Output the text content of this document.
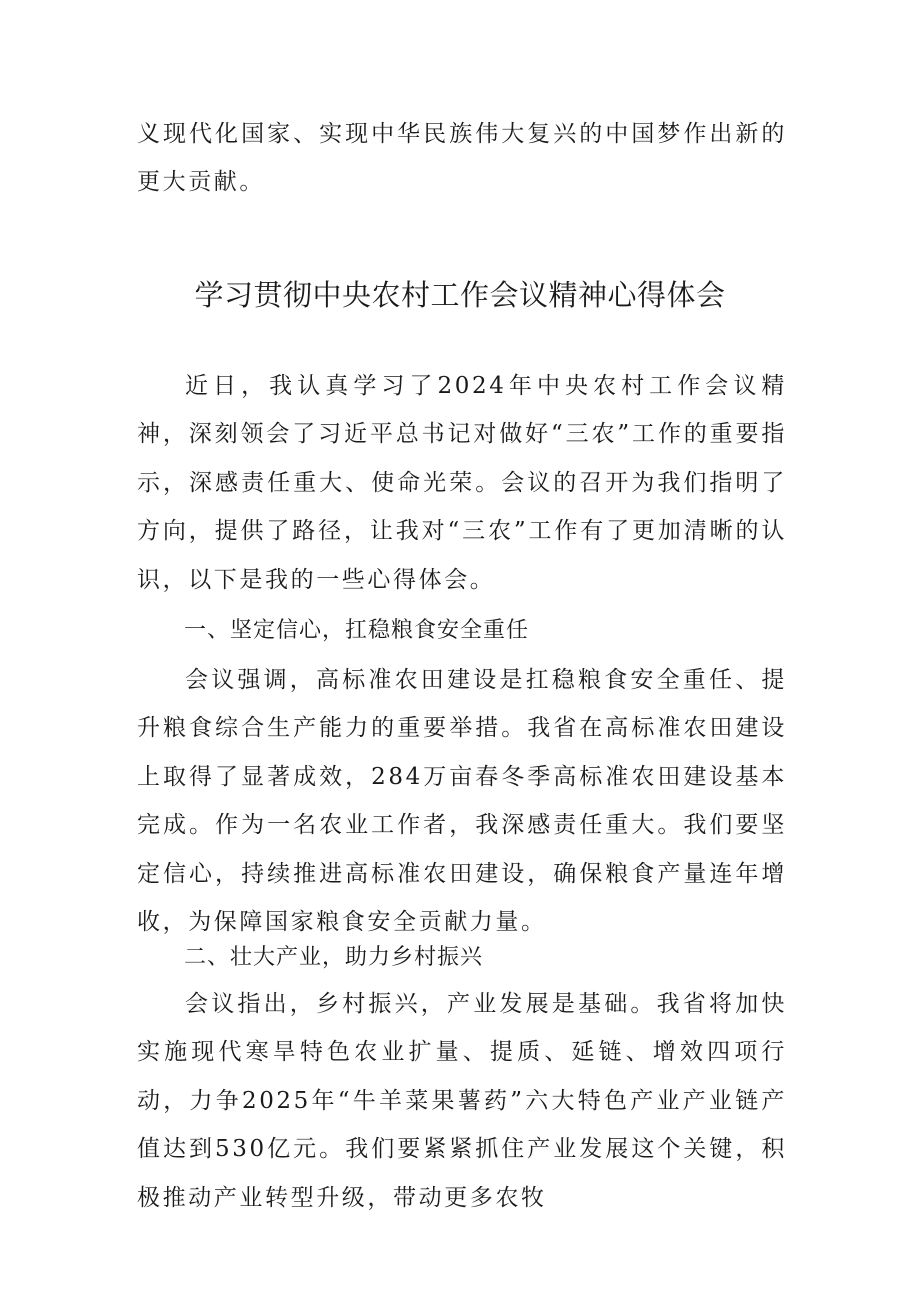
义现代化国家、实现中华民族伟大复兴的中国梦作出新的更大贡献。

学习贯彻中央农村工作会议精神心得体会

近日，我认真学习了2024年中央农村工作会议精神，深刻领会了习近平总书记对做好“三农”工作的重要指示，深感责任重大、使命光荣。会议的召开为我们指明了方向，提供了路径，让我对“三农”工作有了更加清晰的认识，以下是我的一些心得体会。

一、坚定信心，扛稳粮食安全重任

会议强调，高标准农田建设是扛稳粮食安全重任、提升粮食综合生产能力的重要举措。我省在高标准农田建设上取得了显著成效，284万亩春冬季高标准农田建设基本完成。作为一名农业工作者，我深感责任重大。我们要坚定信心，持续推进高标准农田建设，确保粮食产量连年增收，为保障国家粮食安全贡献力量。

二、壮大产业，助力乡村振兴

会议指出，乡村振兴，产业发展是基础。我省将加快实施现代寒旱特色农业扩量、提质、延链、增效四项行动，力争2025年“牛羊菜果薯药”六大特色产业产业链产值达到530亿元。我们要紧紧抓住产业发展这个关键，积极推动产业转型升级，带动更多农牧
